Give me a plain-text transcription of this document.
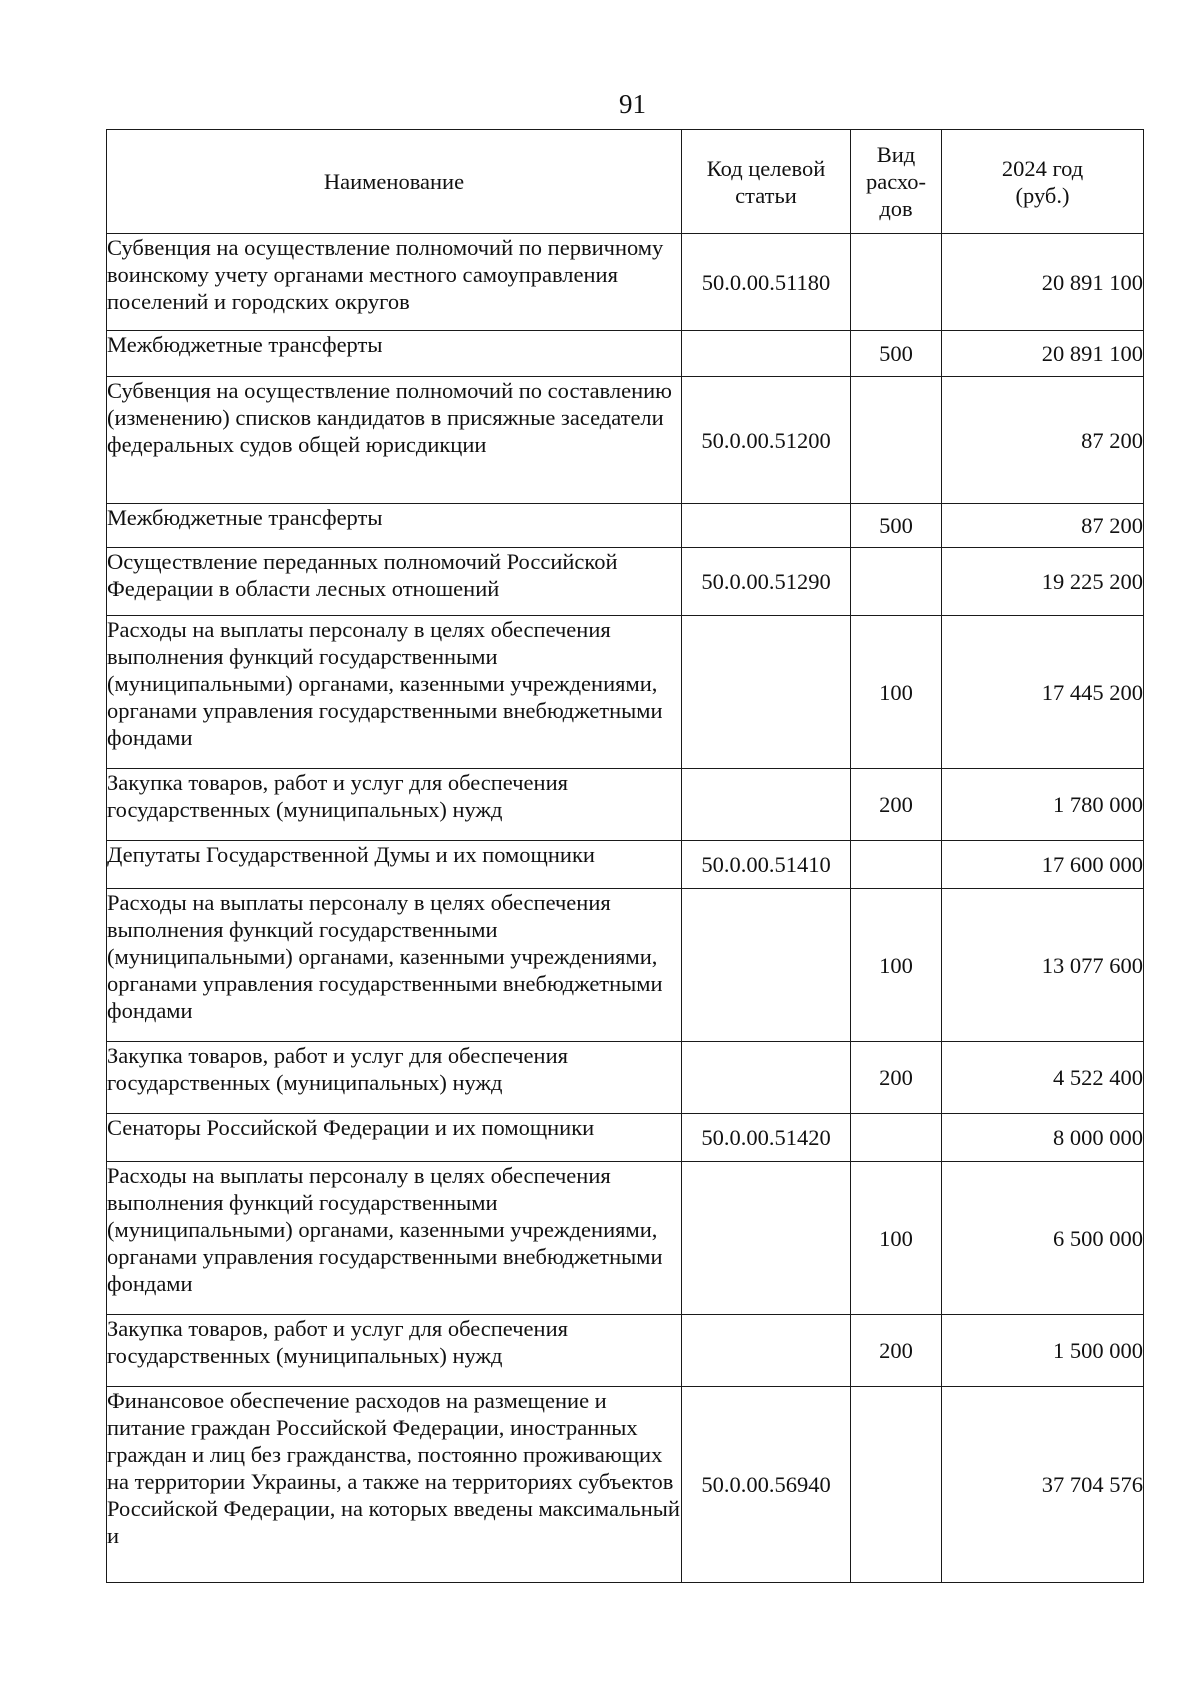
91
Наименование	Код целевой статьи	Вид расхо-дов	2024 год (руб.)
Субвенция на осуществление полномочий по первичному воинскому учету органами местного самоуправления поселений и городских округов	50.0.00.51180		20 891 100
Межбюджетные трансферты		500	20 891 100
Субвенция на осуществление полномочий по составлению (изменению) списков кандидатов в присяжные заседатели федеральных судов общей юрисдикции	50.0.00.51200		87 200
Межбюджетные трансферты		500	87 200
Осуществление переданных полномочий Российской Федерации в области лесных отношений	50.0.00.51290		19 225 200
Расходы на выплаты персоналу в целях обеспечения выполнения функций государственными (муниципальными) органами, казенными учреждениями, органами управления государственными внебюджетными фондами		100	17 445 200
Закупка товаров, работ и услуг для обеспечения государственных (муниципальных) нужд		200	1 780 000
Депутаты Государственной Думы и их помощники	50.0.00.51410		17 600 000
Расходы на выплаты персоналу в целях обеспечения выполнения функций государственными (муниципальными) органами, казенными учреждениями, органами управления государственными внебюджетными фондами		100	13 077 600
Закупка товаров, работ и услуг для обеспечения государственных (муниципальных) нужд		200	4 522 400
Сенаторы Российской Федерации и их помощники	50.0.00.51420		8 000 000
Расходы на выплаты персоналу в целях обеспечения выполнения функций государственными (муниципальными) органами, казенными учреждениями, органами управления государственными внебюджетными фондами		100	6 500 000
Закупка товаров, работ и услуг для обеспечения государственных (муниципальных) нужд		200	1 500 000
Финансовое обеспечение расходов на размещение и питание граждан Российской Федерации, иностранных граждан и лиц без гражданства, постоянно проживающих на территории Украины, а также на территориях субъектов Российской Федерации, на которых введены максимальный и	50.0.00.56940		37 704 576
